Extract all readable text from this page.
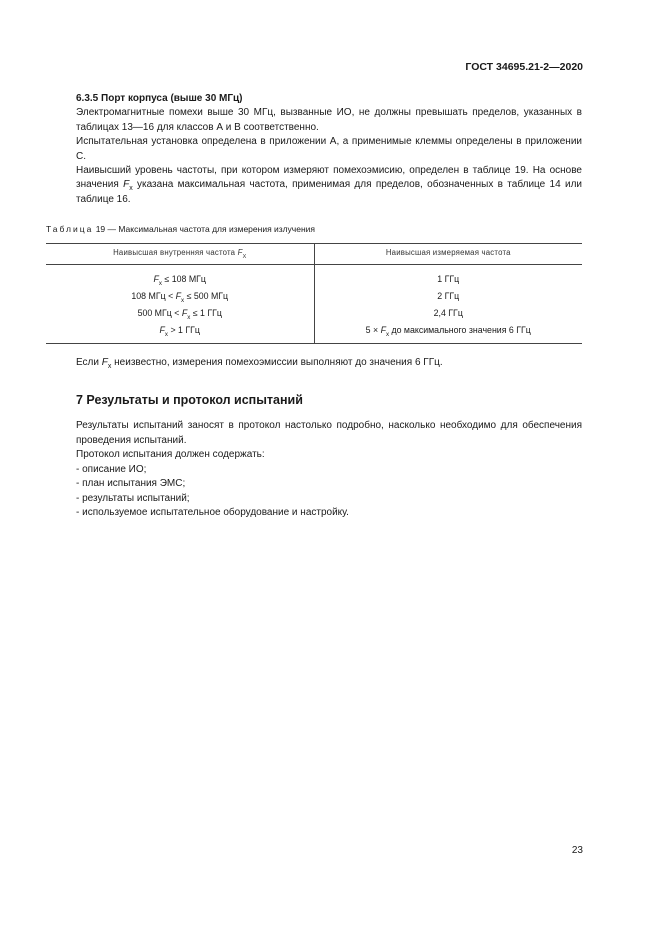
ГОСТ 34695.21-2—2020

6.3.5 Порт корпуса (выше 30 МГц)

Электромагнитные помехи выше 30 МГц, вызванные ИО, не должны превышать пределов, указанных в таблицах 13—16 для классов А и В соответственно.

Испытательная установка определена в приложении А, а применимые клеммы определены в приложении С.

Наивысший уровень частоты, при котором измеряют помехоэмисию, определен в таблице 19. На основе значения $F_x$ указана максимальная частота, применимая для пределов, обозначенных в таблице 14 или таблице 16.

Таблица 19 — Максимальная частота для измерения излучения
Наивысшая внутренняя частота $F_X$	Наивысшая измеряемая частота
$F_x \le 108$ МГц	1 ГГц
108 МГц < $F_x \le 500$ МГц	2 ГГц
500 МГц < $F_x \le 1$ ГГц	2,4 ГГц
$F_x > 1$ ГГц	$5 \times F_x$ до максимального значения 6 ГГц

Если $F_x$ неизвестно, измерения помехоэмиссии выполняют до значения 6 ГГц.

7 Результаты и протокол испытаний

Результаты испытаний заносят в протокол настолько подробно, насколько необходимо для обеспечения проведения испытаний.

Протокол испытания должен содержать:

- описание ИО;

- план испытания ЭМС;

- результаты испытаний;

- используемое испытательное оборудование и настройку.

23
